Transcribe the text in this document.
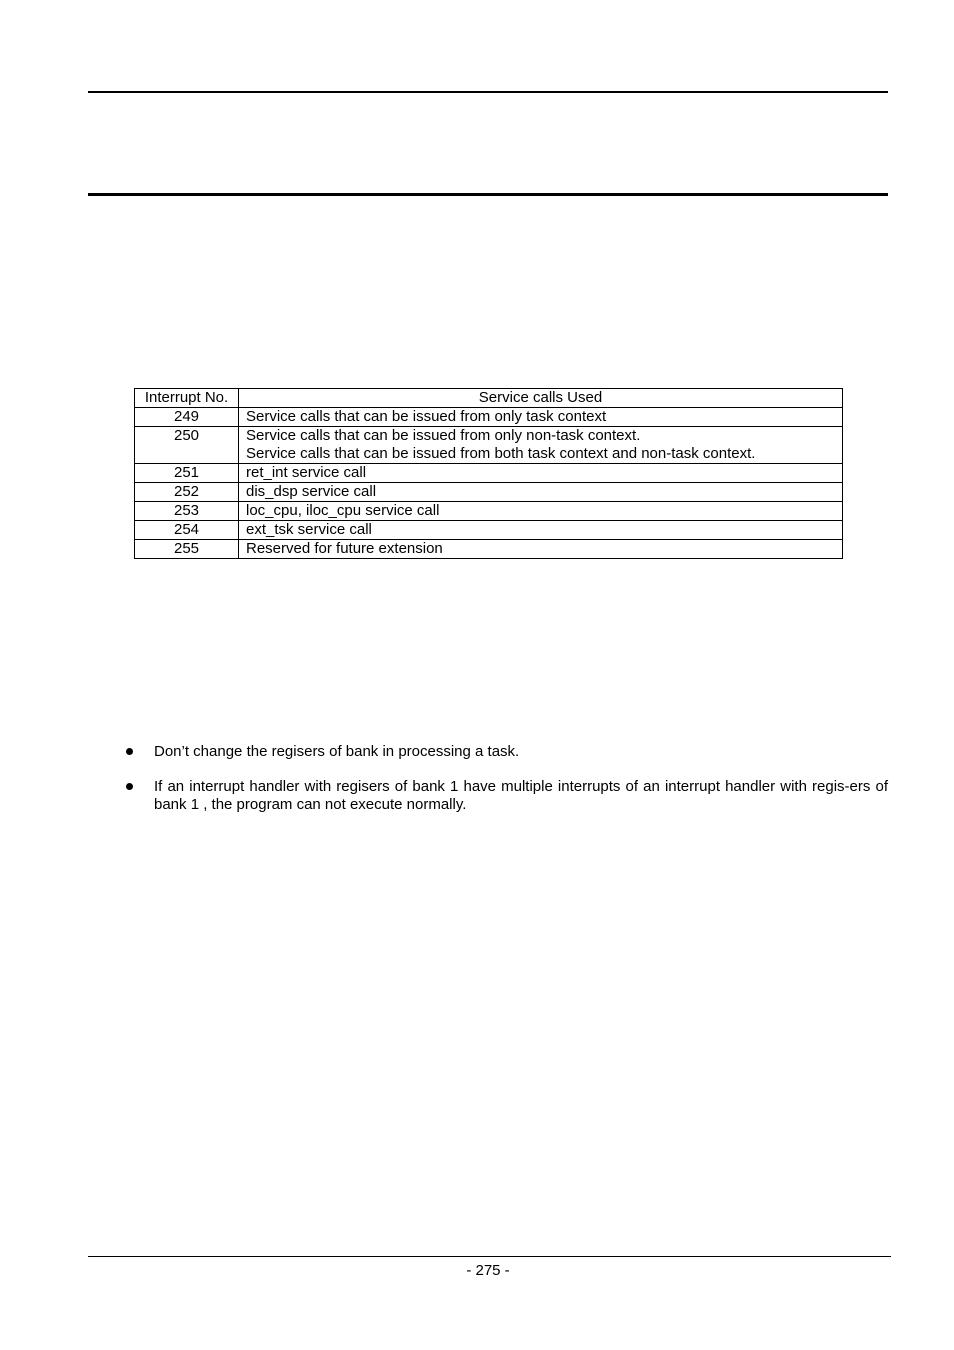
Interrupt No.	Service calls Used
249	Service calls that can be issued from only task context

250	Service calls that can be issued from only non-task context.
Service calls that can be issued from both task context and non-task context.

251	ret_int service call

252	dis_dsp service call

253	loc_cpu, iloc_cpu service call

254	ext_tsk service call

255	Reserved for future extension
Don’t change the regisers of bank in processing a task.
If an interrupt handler with regisers of bank 1 have multiple interrupts of an interrupt handler with regis-ers of bank 1 , the program can not execute normally.
- 275 -
